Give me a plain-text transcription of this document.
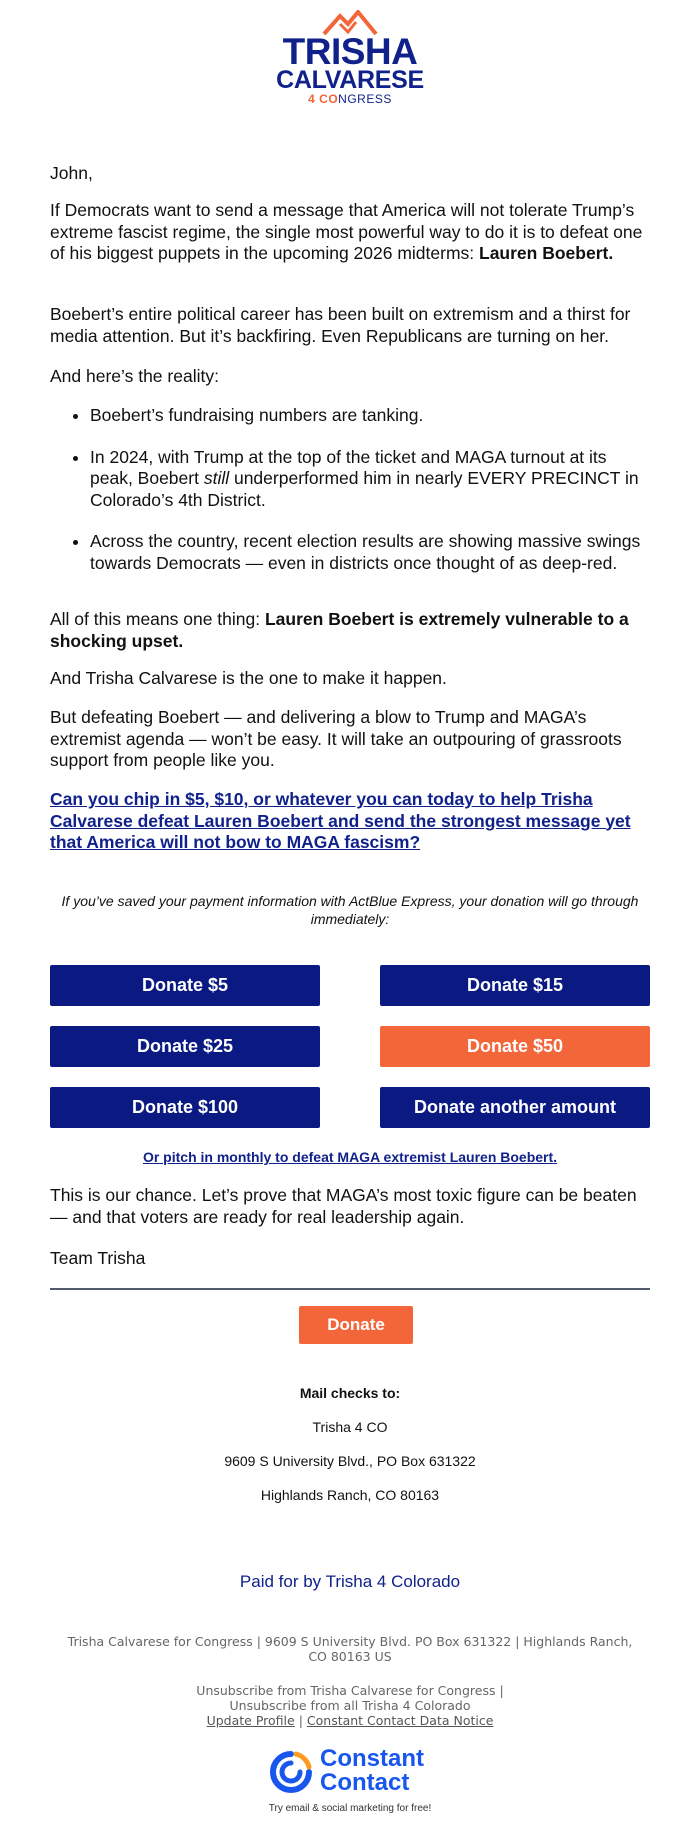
TRISHA
CALVARESE
4 CONGRESS
John,
If Democrats want to send a message that America will not tolerate Trump’s extreme fascist regime, the single most powerful way to do it is to defeat one of his biggest puppets in the upcoming 2026 midterms: Lauren Boebert.
Boebert’s entire political career has been built on extremism and a thirst for media attention. But it’s backfiring. Even Republicans are turning on her.
And here’s the reality:
• Boebert’s fundraising numbers are tanking.
• In 2024, with Trump at the top of the ticket and MAGA turnout at its peak, Boebert still underperformed him in nearly EVERY PRECINCT in Colorado’s 4th District.
• Across the country, recent election results are showing massive swings towards Democrats — even in districts once thought of as deep-red.
All of this means one thing: Lauren Boebert is extremely vulnerable to a shocking upset.
And Trisha Calvarese is the one to make it happen.
But defeating Boebert — and delivering a blow to Trump and MAGA’s extremist agenda — won’t be easy. It will take an outpouring of grassroots support from people like you.
Can you chip in $5, $10, or whatever you can today to help Trisha Calvarese defeat Lauren Boebert and send the strongest message yet that America will not bow to MAGA fascism?
If you’ve saved your payment information with ActBlue Express, your donation will go through immediately:
Donate $5	Donate $15
Donate $25	Donate $50
Donate $100	Donate another amount
Or pitch in monthly to defeat MAGA extremist Lauren Boebert.
This is our chance. Let’s prove that MAGA’s most toxic figure can be beaten — and that voters are ready for real leadership again.
Team Trisha
Donate
Mail checks to:
Trisha 4 CO
9609 S University Blvd., PO Box 631322
Highlands Ranch, CO 80163
Paid for by Trisha 4 Colorado
Trisha Calvarese for Congress | 9609 S University Blvd. PO Box 631322 | Highlands Ranch, CO 80163 US
Unsubscribe from Trisha Calvarese for Congress |
Unsubscribe from all Trisha 4 Colorado
Update Profile | Constant Contact Data Notice
Constant
Contact
Try email & social marketing for free!
